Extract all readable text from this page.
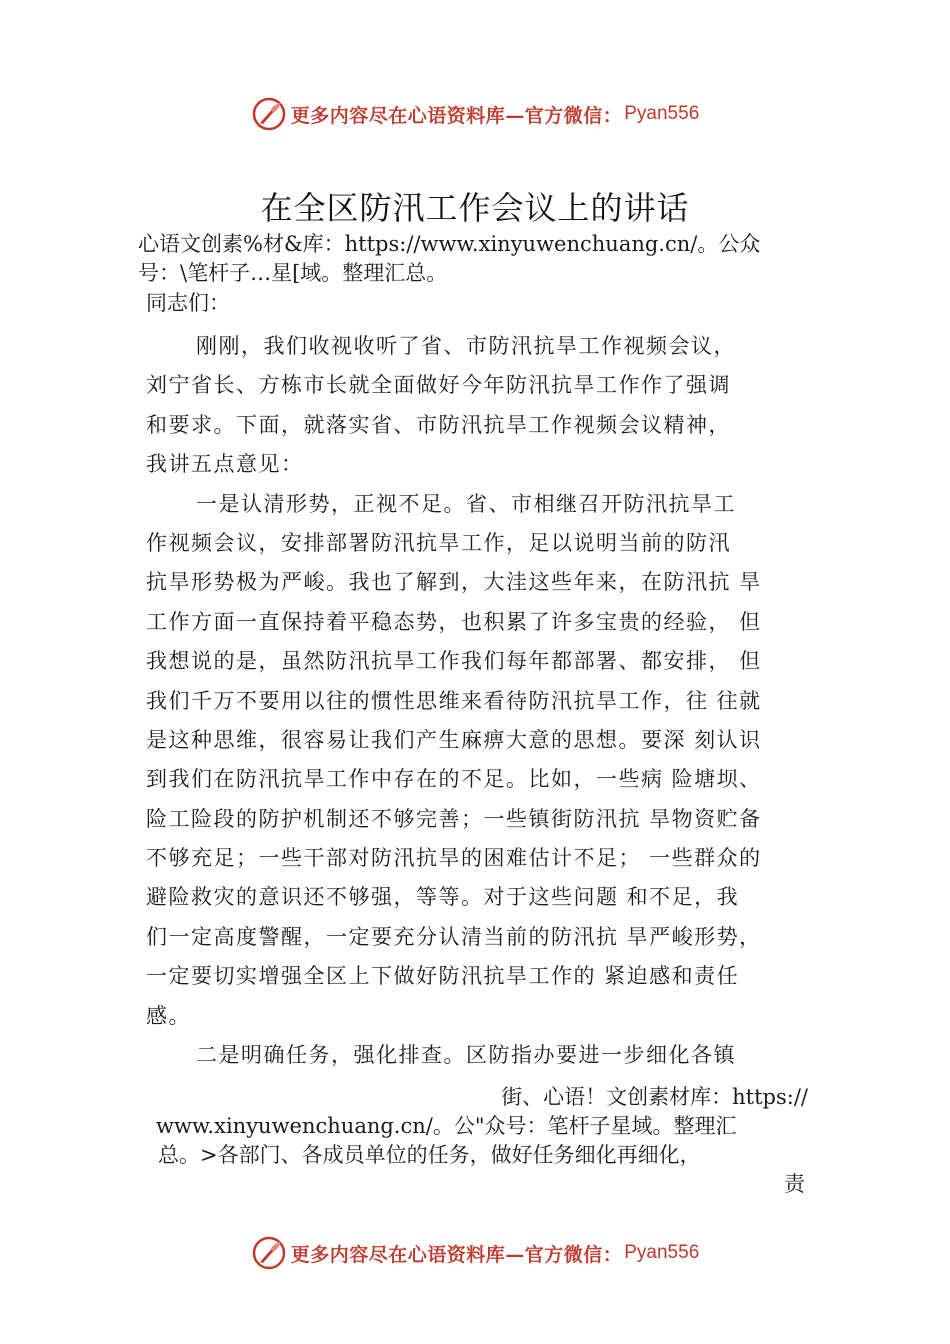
更多内容尽在心语资料库—官方微信： Pyan556
在全区防汛工作会议上的讲话
心语文创素%材&库：https://www.xinyuwenchuang.cn/。公众
号：\笔杆子…星[域。整理汇总。
同志们：
刚刚，我们收视收听了省、市防汛抗旱工作视频会议，
刘宁省长、方栋市长就全面做好今年防汛抗旱工作作了强调
和要求。下面，就落实省、市防汛抗旱工作视频会议精神，
我讲五点意见：
一是认清形势，正视不足。省、市相继召开防汛抗旱工
作视频会议，安排部署防汛抗旱工作，足以说明当前的防汛
抗旱形势极为严峻。我也了解到，大洼这些年来，在防汛抗 旱
工作方面一直保持着平稳态势，也积累了许多宝贵的经验， 但
我想说的是，虽然防汛抗旱工作我们每年都部署、都安排， 但
我们千万不要用以往的惯性思维来看待防汛抗旱工作，往 往就
是这种思维，很容易让我们产生麻痹大意的思想。要深 刻认识
到我们在防汛抗旱工作中存在的不足。比如，一些病 险塘坝、
险工险段的防护机制还不够完善；一些镇街防汛抗 旱物资贮备
不够充足；一些干部对防汛抗旱的困难估计不足； 一些群众的
避险救灾的意识还不够强，等等。对于这些问题 和不足，我
们一定高度警醒，一定要充分认清当前的防汛抗 旱严峻形势，
一定要切实增强全区上下做好防汛抗旱工作的 紧迫感和责任
感。
二是明确任务，强化排查。区防指办要进一步细化各镇
街、心语！文创素材库：https://
www.xinyuwenchuang.cn/。公"众号：笔杆子星域。整理汇
总。>各部门、各成员单位的任务，做好任务细化再细化，
责
更多内容尽在心语资料库—官方微信： Pyan556
